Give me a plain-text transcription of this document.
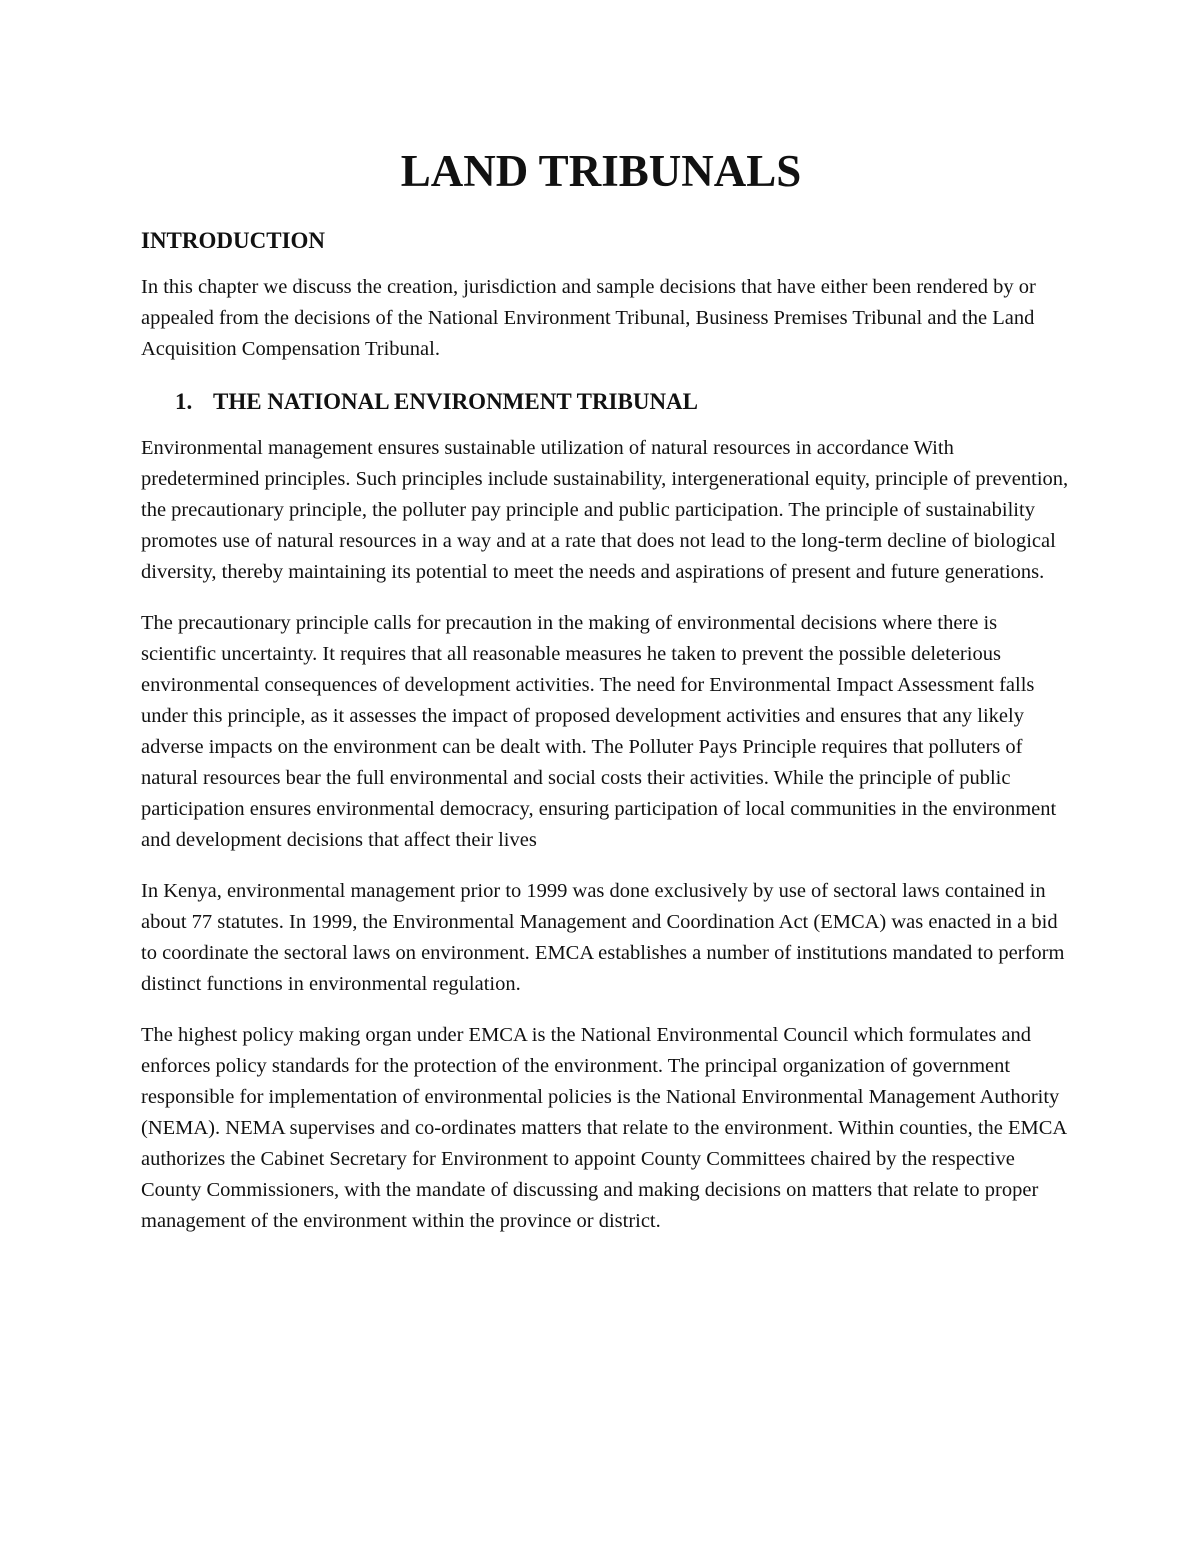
LAND TRIBUNALS
INTRODUCTION

In this chapter we discuss the creation, jurisdiction and sample decisions that have either been rendered by or appealed from the decisions of the National Environment Tribunal, Business Premises Tribunal and the Land Acquisition Compensation Tribunal.

1. THE NATIONAL ENVIRONMENT TRIBUNAL

Environmental management ensures sustainable utilization of natural resources in accordance With predetermined principles. Such principles include sustainability, intergenerational equity, principle of prevention, the precautionary principle, the polluter pay principle and public participation. The principle of sustainability promotes use of natural resources in a way and at a rate that does not lead to the long-term decline of biological diversity, thereby maintaining its potential to meet the needs and aspirations of present and future generations.

The precautionary principle calls for precaution in the making of environmental decisions where there is scientific uncertainty. It requires that all reasonable measures he taken to prevent the possible deleterious environmental consequences of development activities. The need for Environmental Impact Assessment falls under this principle, as it assesses the impact of proposed development activities and ensures that any likely adverse impacts on the environment can be dealt with. The Polluter Pays Principle requires that polluters of natural resources bear the full environmental and social costs their activities. While the principle of public participation ensures environmental democracy, ensuring participation of local communities in the environment and development decisions that affect their lives

In Kenya, environmental management prior to 1999 was done exclusively by use of sectoral laws contained in about 77 statutes. In 1999, the Environmental Management and Coordination Act (EMCA) was enacted in a bid to coordinate the sectoral laws on environment. EMCA establishes a number of institutions mandated to perform distinct functions in environmental regulation.

The highest policy making organ under EMCA is the National Environmental Council which formulates and enforces policy standards for the protection of the environment. The principal organization of government responsible for implementation of environmental policies is the National Environmental Management Authority (NEMA). NEMA supervises and co-ordinates matters that relate to the environment. Within counties, the EMCA authorizes the Cabinet Secretary for Environment to appoint County Committees chaired by the respective County Commissioners, with the mandate of discussing and making decisions on matters that relate to proper management of the environment within the province or district.
